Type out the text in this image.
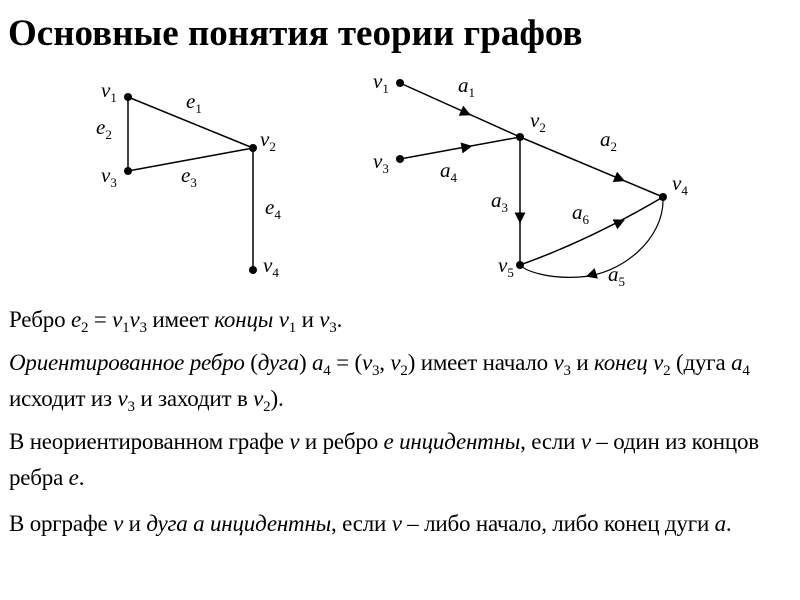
Основные понятия теории графов
$v_1$
$v_2$
$v_3$
$v_4$
$e_1$
$e_2$
$e_3$
$e_4$
$v_1$
$v_2$
$v_3$
$v_4$
$v_5$
$a_1$
$a_2$
$a_3$
$a_4$
$a_5$
$a_6$

Ребро $e_2 = v_1v_3$ имеет концы $v_1$ и $v_3$.

Ориентированное ребро (дуга) $a_4 = (v_3$, $v_2$) имеет начало $v_3$ и конец $v_2$ (дуга $a_4$ исходит из $v_3$ и заходит в $v_2$).

В неориентированном графе v и ребро e инцидентны, если v – один из концов ребра e.

В орграфе v и дуга a инцидентны, если v – либо начало, либо конец дуги a.
